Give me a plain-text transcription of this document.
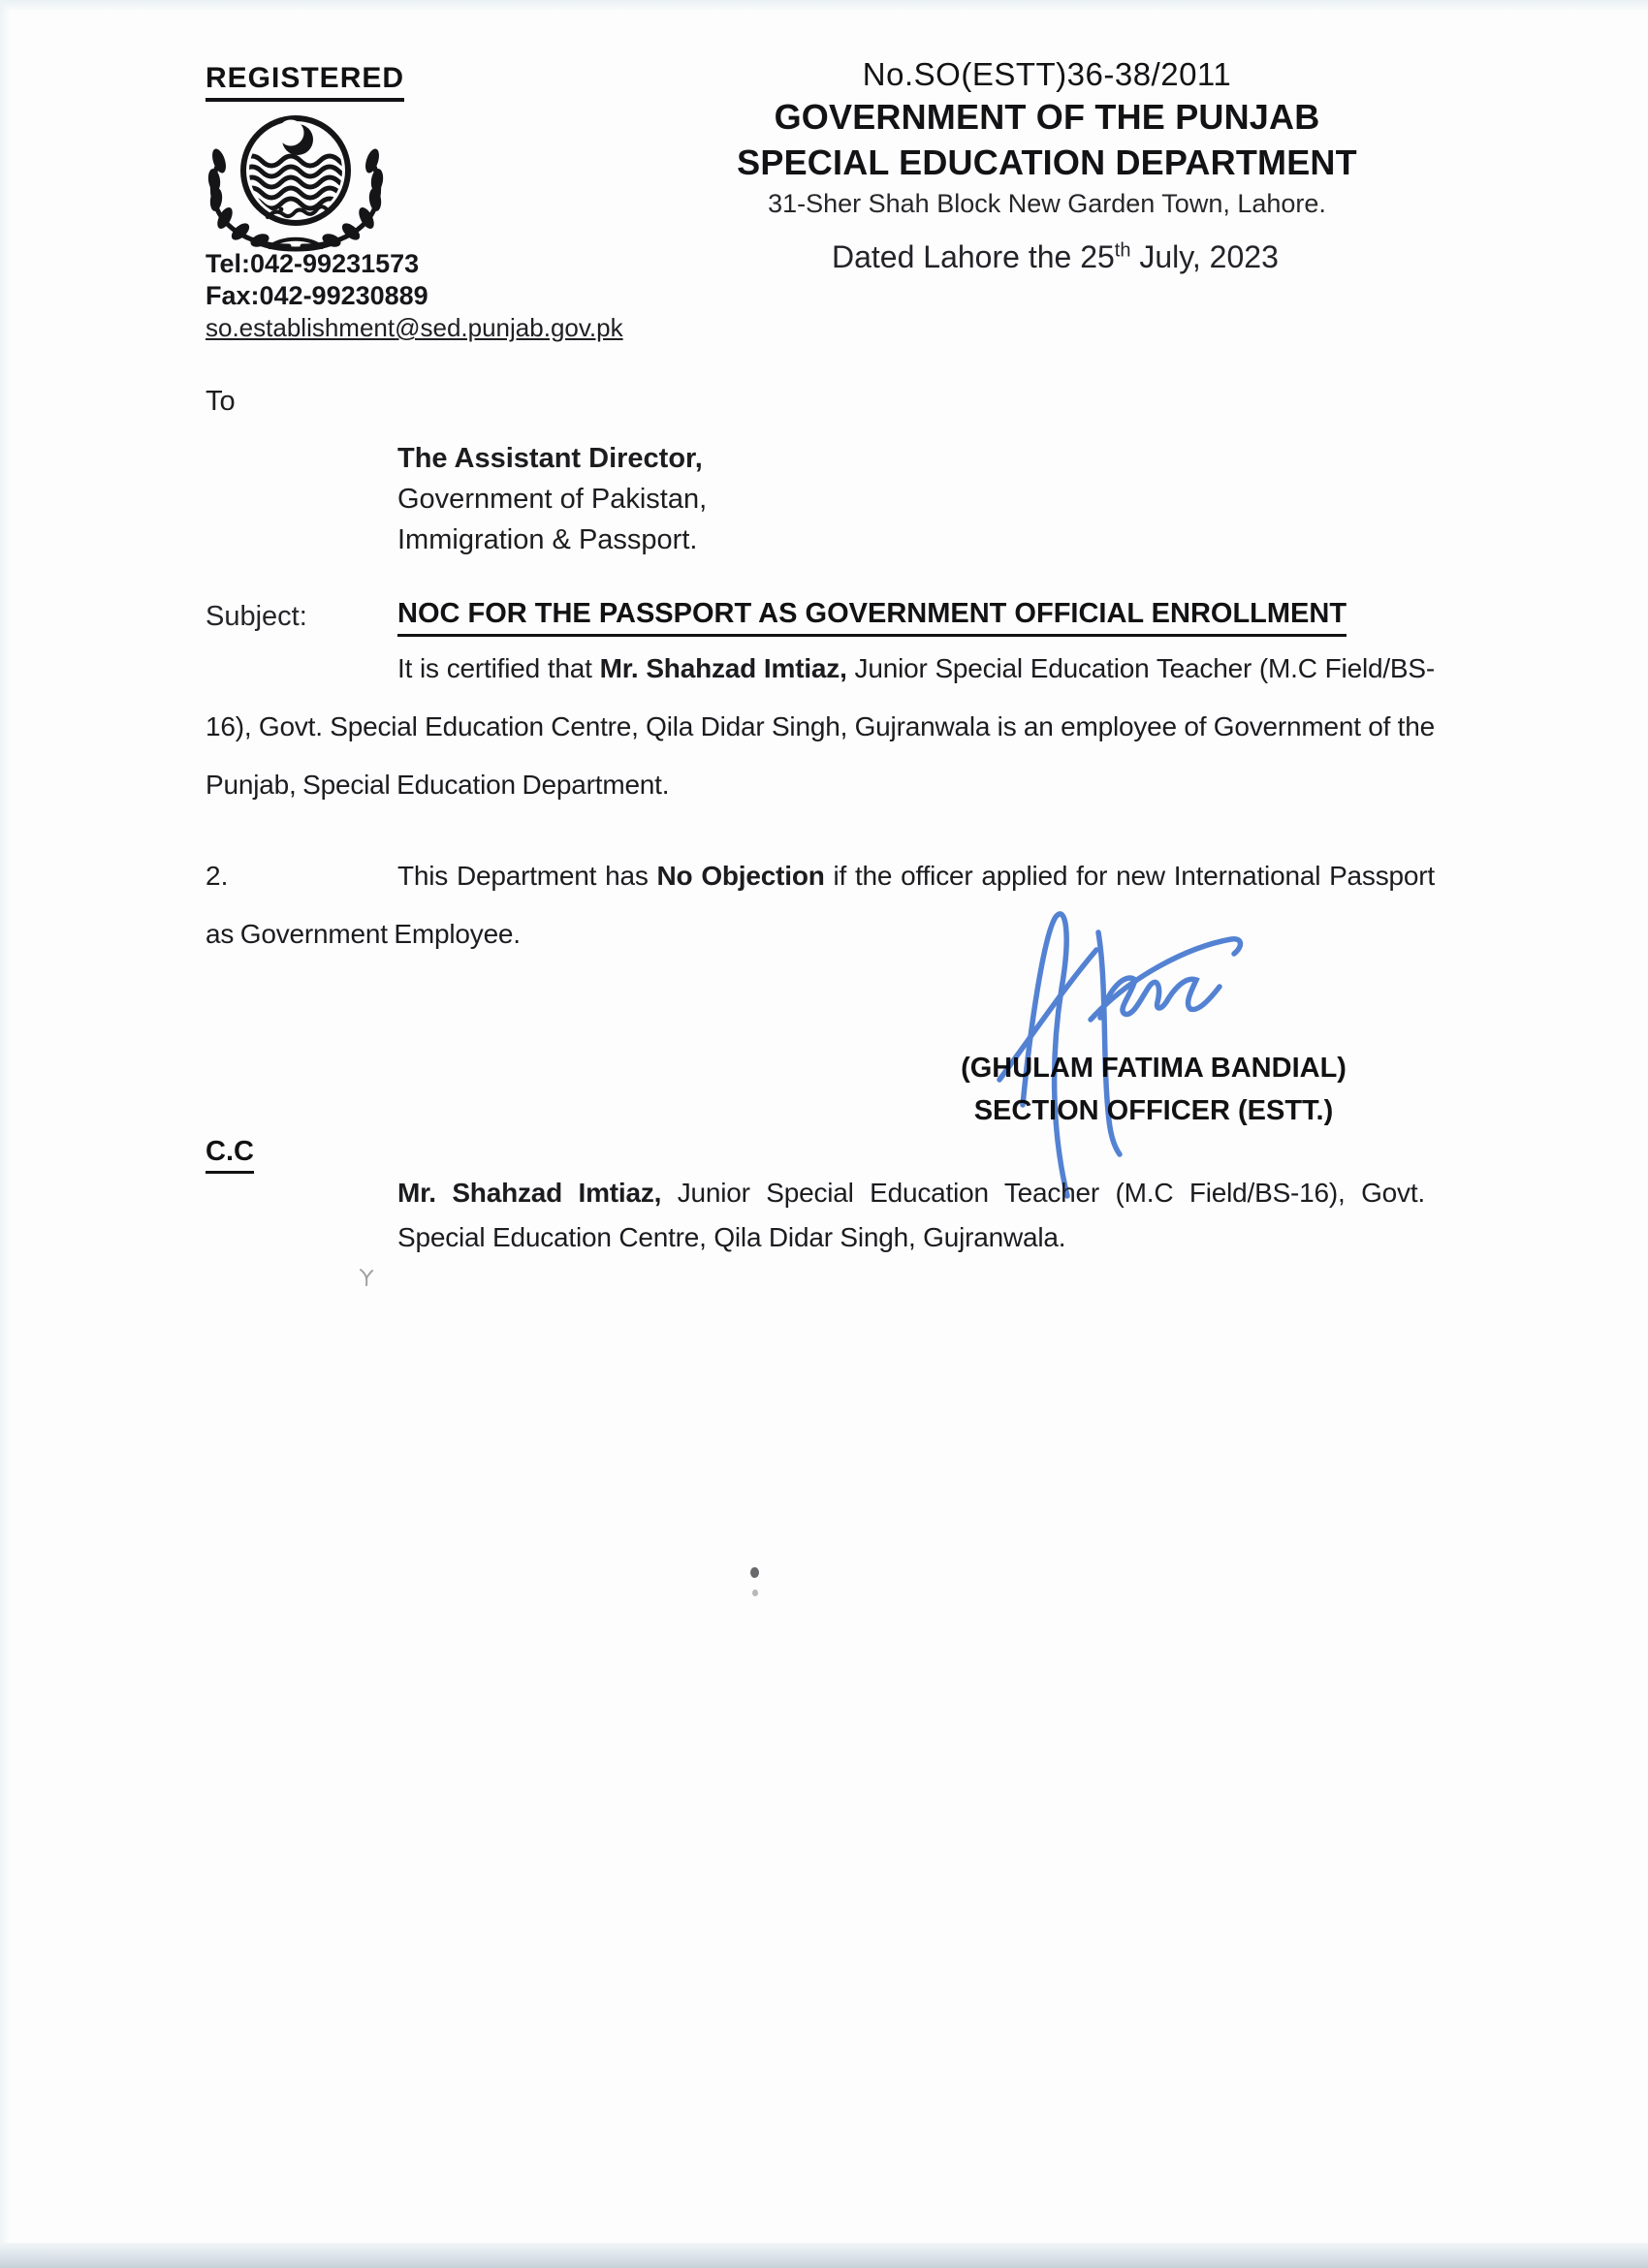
REGISTERED
Tel:042-99231573
Fax:042-99230889
so.establishment@sed.punjab.gov.pk
No.SO(ESTT)36-38/2011
GOVERNMENT OF THE PUNJAB
SPECIAL EDUCATION DEPARTMENT
31-Sher Shah Block New Garden Town, Lahore.
Dated Lahore the 25th July, 2023
To
The Assistant Director,
Government of Pakistan,
Immigration & Passport.
Subject:	NOC FOR THE PASSPORT AS GOVERNMENT OFFICIAL ENROLLMENT
It is certified that Mr. Shahzad Imtiaz, Junior Special Education Teacher (M.C Field/BS-16), Govt. Special Education Centre, Qila Didar Singh, Gujranwala is an employee of Government of the Punjab, Special Education Department.
2.	This Department has No Objection if the officer applied for new International Passport as Government Employee.
(GHULAM FATIMA BANDIAL)
SECTION OFFICER (ESTT.)
C.C
Mr. Shahzad Imtiaz, Junior Special Education Teacher (M.C Field/BS-16), Govt. Special Education Centre, Qila Didar Singh, Gujranwala.
